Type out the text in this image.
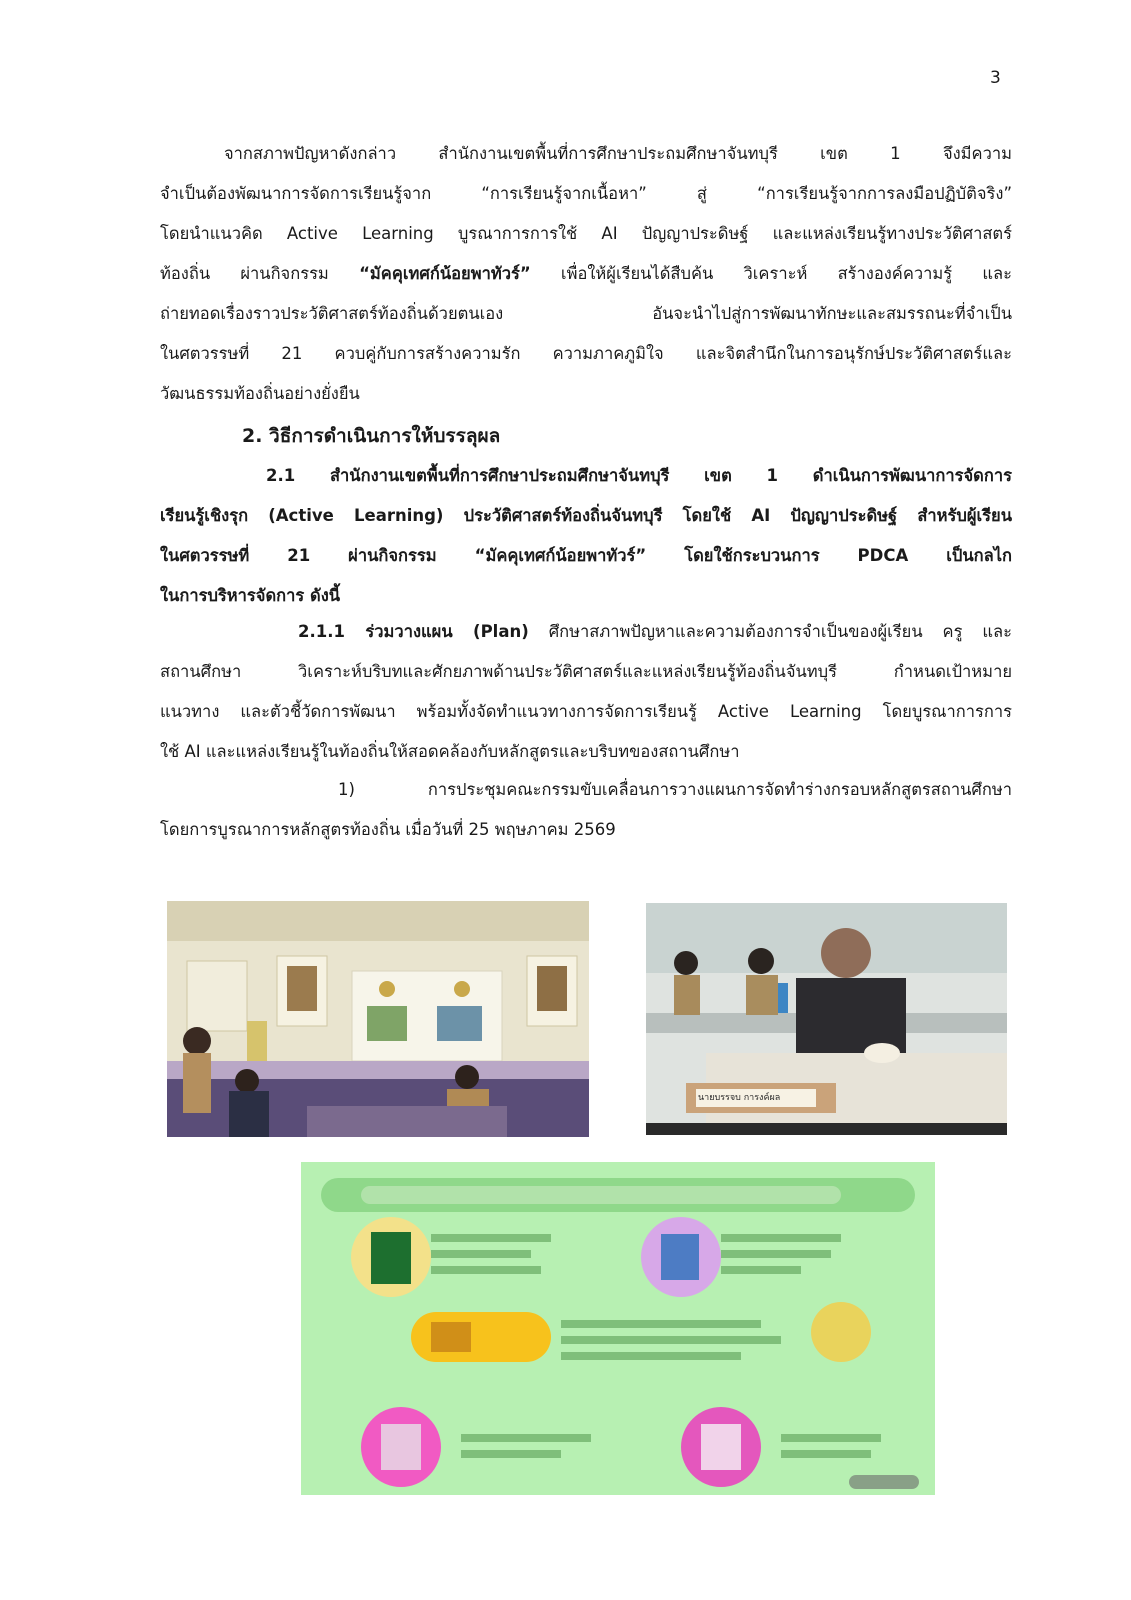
3
จากสภาพปัญหาดังกล่าว สำนักงานเขตพื้นที่การศึกษาประถมศึกษาจันทบุรี เขต 1 จึงมีความ
จำเป็นต้องพัฒนาการจัดการเรียนรู้จาก “การเรียนรู้จากเนื้อหา” สู่ “การเรียนรู้จากการลงมือปฏิบัติจริง”
โดยนำแนวคิด Active Learning บูรณาการการใช้ AI ปัญญาประดิษฐ์ และแหล่งเรียนรู้ทางประวัติศาสตร์
ท้องถิ่น ผ่านกิจกรรม “มัคคุเทศก์น้อยพาทัวร์” เพื่อให้ผู้เรียนได้สืบค้น วิเคราะห์ สร้างองค์ความรู้ และ
ถ่ายทอดเรื่องราวประวัติศาสตร์ท้องถิ่นด้วยตนเอง อันจะนำไปสู่การพัฒนาทักษะและสมรรถนะที่จำเป็น
ในศตวรรษที่ 21 ควบคู่กับการสร้างความรัก ความภาคภูมิใจ และจิตสำนึกในการอนุรักษ์ประวัติศาสตร์และ
วัฒนธรรมท้องถิ่นอย่างยั่งยืน
2. วิธีการดำเนินการให้บรรลุผล
2.1 สำนักงานเขตพื้นที่การศึกษาประถมศึกษาจันทบุรี เขต 1 ดำเนินการพัฒนาการจัดการ
เรียนรู้เชิงรุก (Active Learning) ประวัติศาสตร์ท้องถิ่นจันทบุรี โดยใช้ AI ปัญญาประดิษฐ์ สำหรับผู้เรียน
ในศตวรรษที่ 21 ผ่านกิจกรรม “มัคคุเทศก์น้อยพาทัวร์” โดยใช้กระบวนการ PDCA เป็นกลไก
ในการบริหารจัดการ ดังนี้
2.1.1 ร่วมวางแผน (Plan) ศึกษาสภาพปัญหาและความต้องการจำเป็นของผู้เรียน ครู และ
สถานศึกษา วิเคราะห์บริบทและศักยภาพด้านประวัติศาสตร์และแหล่งเรียนรู้ท้องถิ่นจันทบุรี กำหนดเป้าหมาย
แนวทาง และตัวชี้วัดการพัฒนา พร้อมทั้งจัดทำแนวทางการจัดการเรียนรู้ Active Learning โดยบูรณาการการ
ใช้ AI และแหล่งเรียนรู้ในท้องถิ่นให้สอดคล้องกับหลักสูตรและบริบทของสถานศึกษา
1) การประชุมคณะกรรมขับเคลื่อนการวางแผนการจัดทำร่างกรอบหลักสูตรสถานศึกษา
โดยการบูรณาการหลักสูตรท้องถิ่น เมื่อวันที่ 25 พฤษภาคม 2569
นายบรรจบ การงค์ผล
